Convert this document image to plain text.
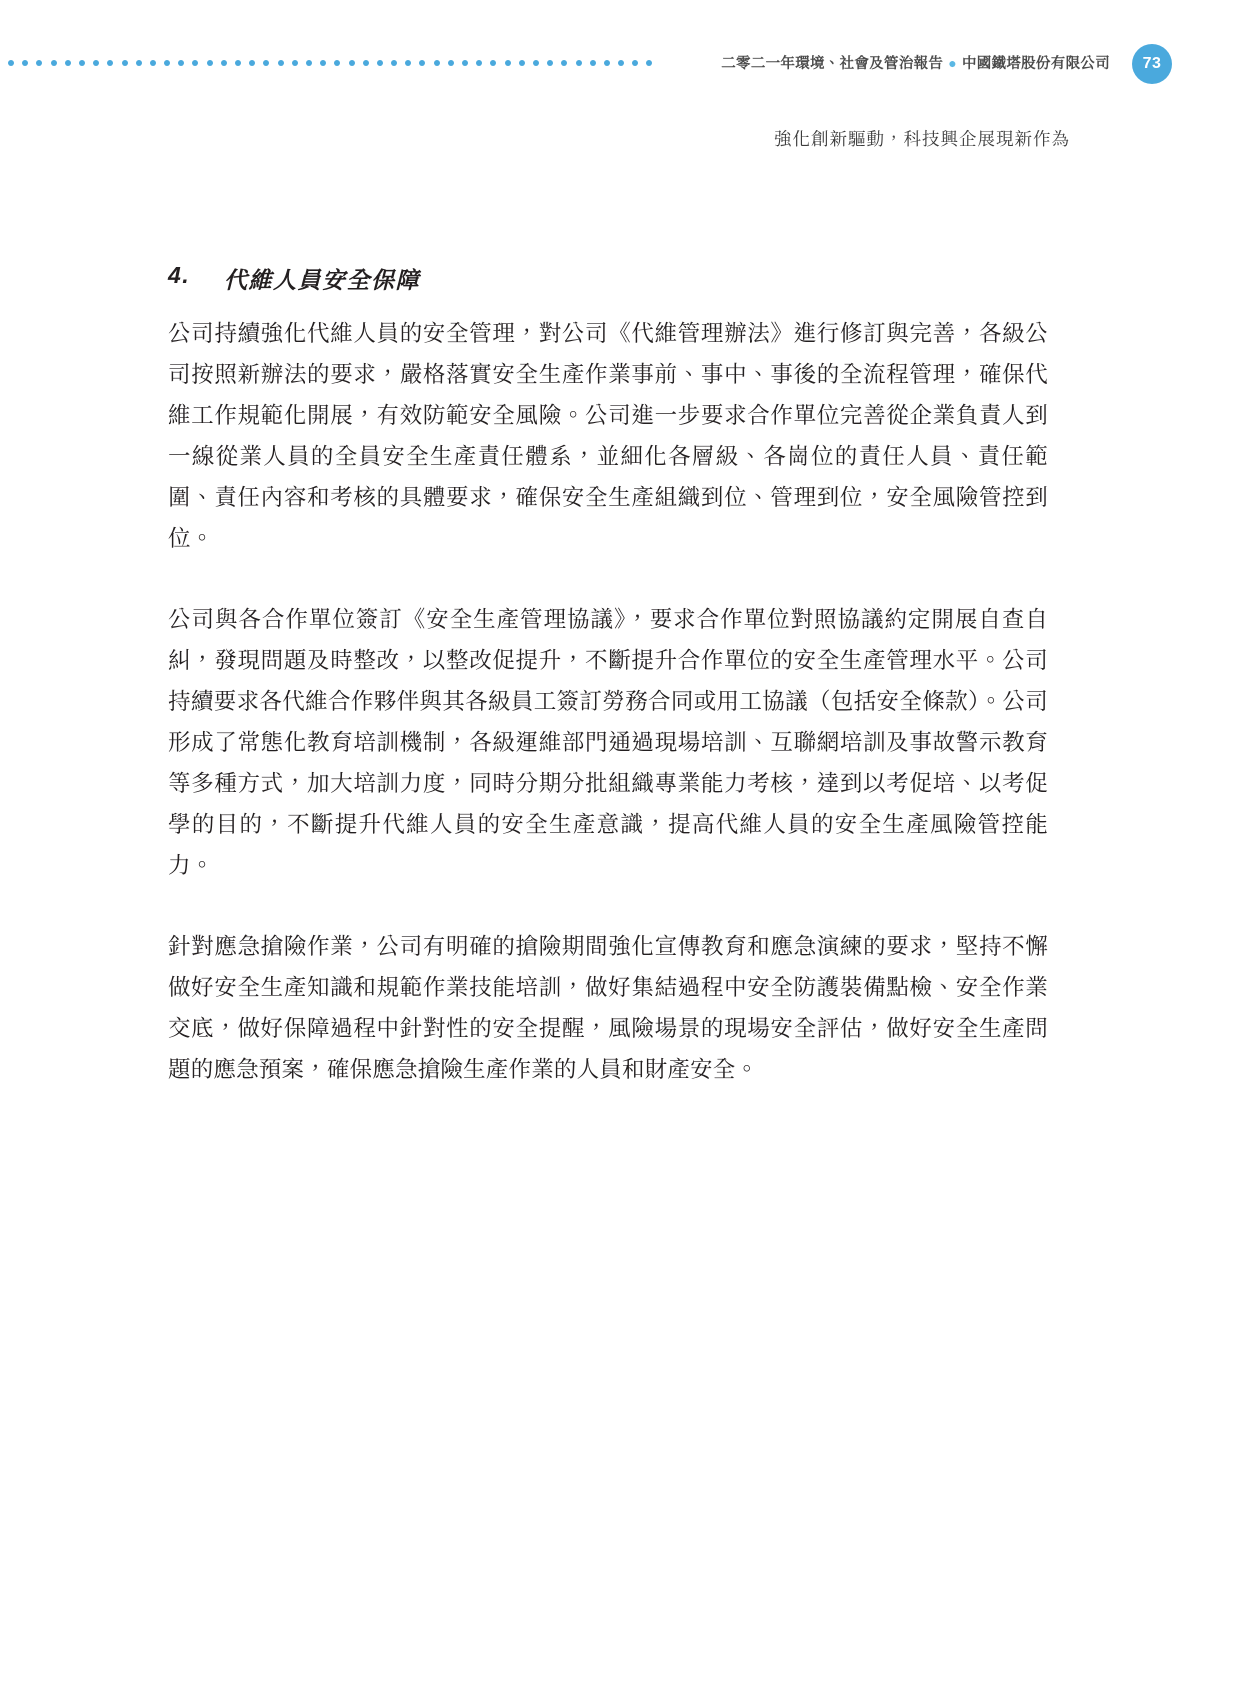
二零二一年環境、社會及管治報告 ● 中國鐵塔股份有限公司	73
強化創新驅動，科技興企展現新作為
4.	代維人員安全保障

公司持續強化代維人員的安全管理，對公司《代維管理辦法》進行修訂與完善，各級公司按照新辦法的要求，嚴格落實安全生產作業事前、事中、事後的全流程管理，確保代維工作規範化開展，有效防範安全風險。公司進一步要求合作單位完善從企業負責人到一線從業人員的全員安全生產責任體系，並細化各層級、各崗位的責任人員、責任範圍、責任內容和考核的具體要求，確保安全生產組織到位、管理到位，安全風險管控到位。

公司與各合作單位簽訂《安全生產管理協議》，要求合作單位對照協議約定開展自查自糾，發現問題及時整改，以整改促提升，不斷提升合作單位的安全生產管理水平。公司持續要求各代維合作夥伴與其各級員工簽訂勞務合同或用工協議（包括安全條款）。公司形成了常態化教育培訓機制，各級運維部門通過現場培訓、互聯網培訓及事故警示教育等多種方式，加大培訓力度，同時分期分批組織專業能力考核，達到以考促培、以考促學的目的，不斷提升代維人員的安全生產意識，提高代維人員的安全生產風險管控能力。

針對應急搶險作業，公司有明確的搶險期間強化宣傳教育和應急演練的要求，堅持不懈做好安全生產知識和規範作業技能培訓，做好集結過程中安全防護裝備點檢、安全作業交底，做好保障過程中針對性的安全提醒，風險場景的現場安全評估，做好安全生產問題的應急預案，確保應急搶險生產作業的人員和財產安全。
